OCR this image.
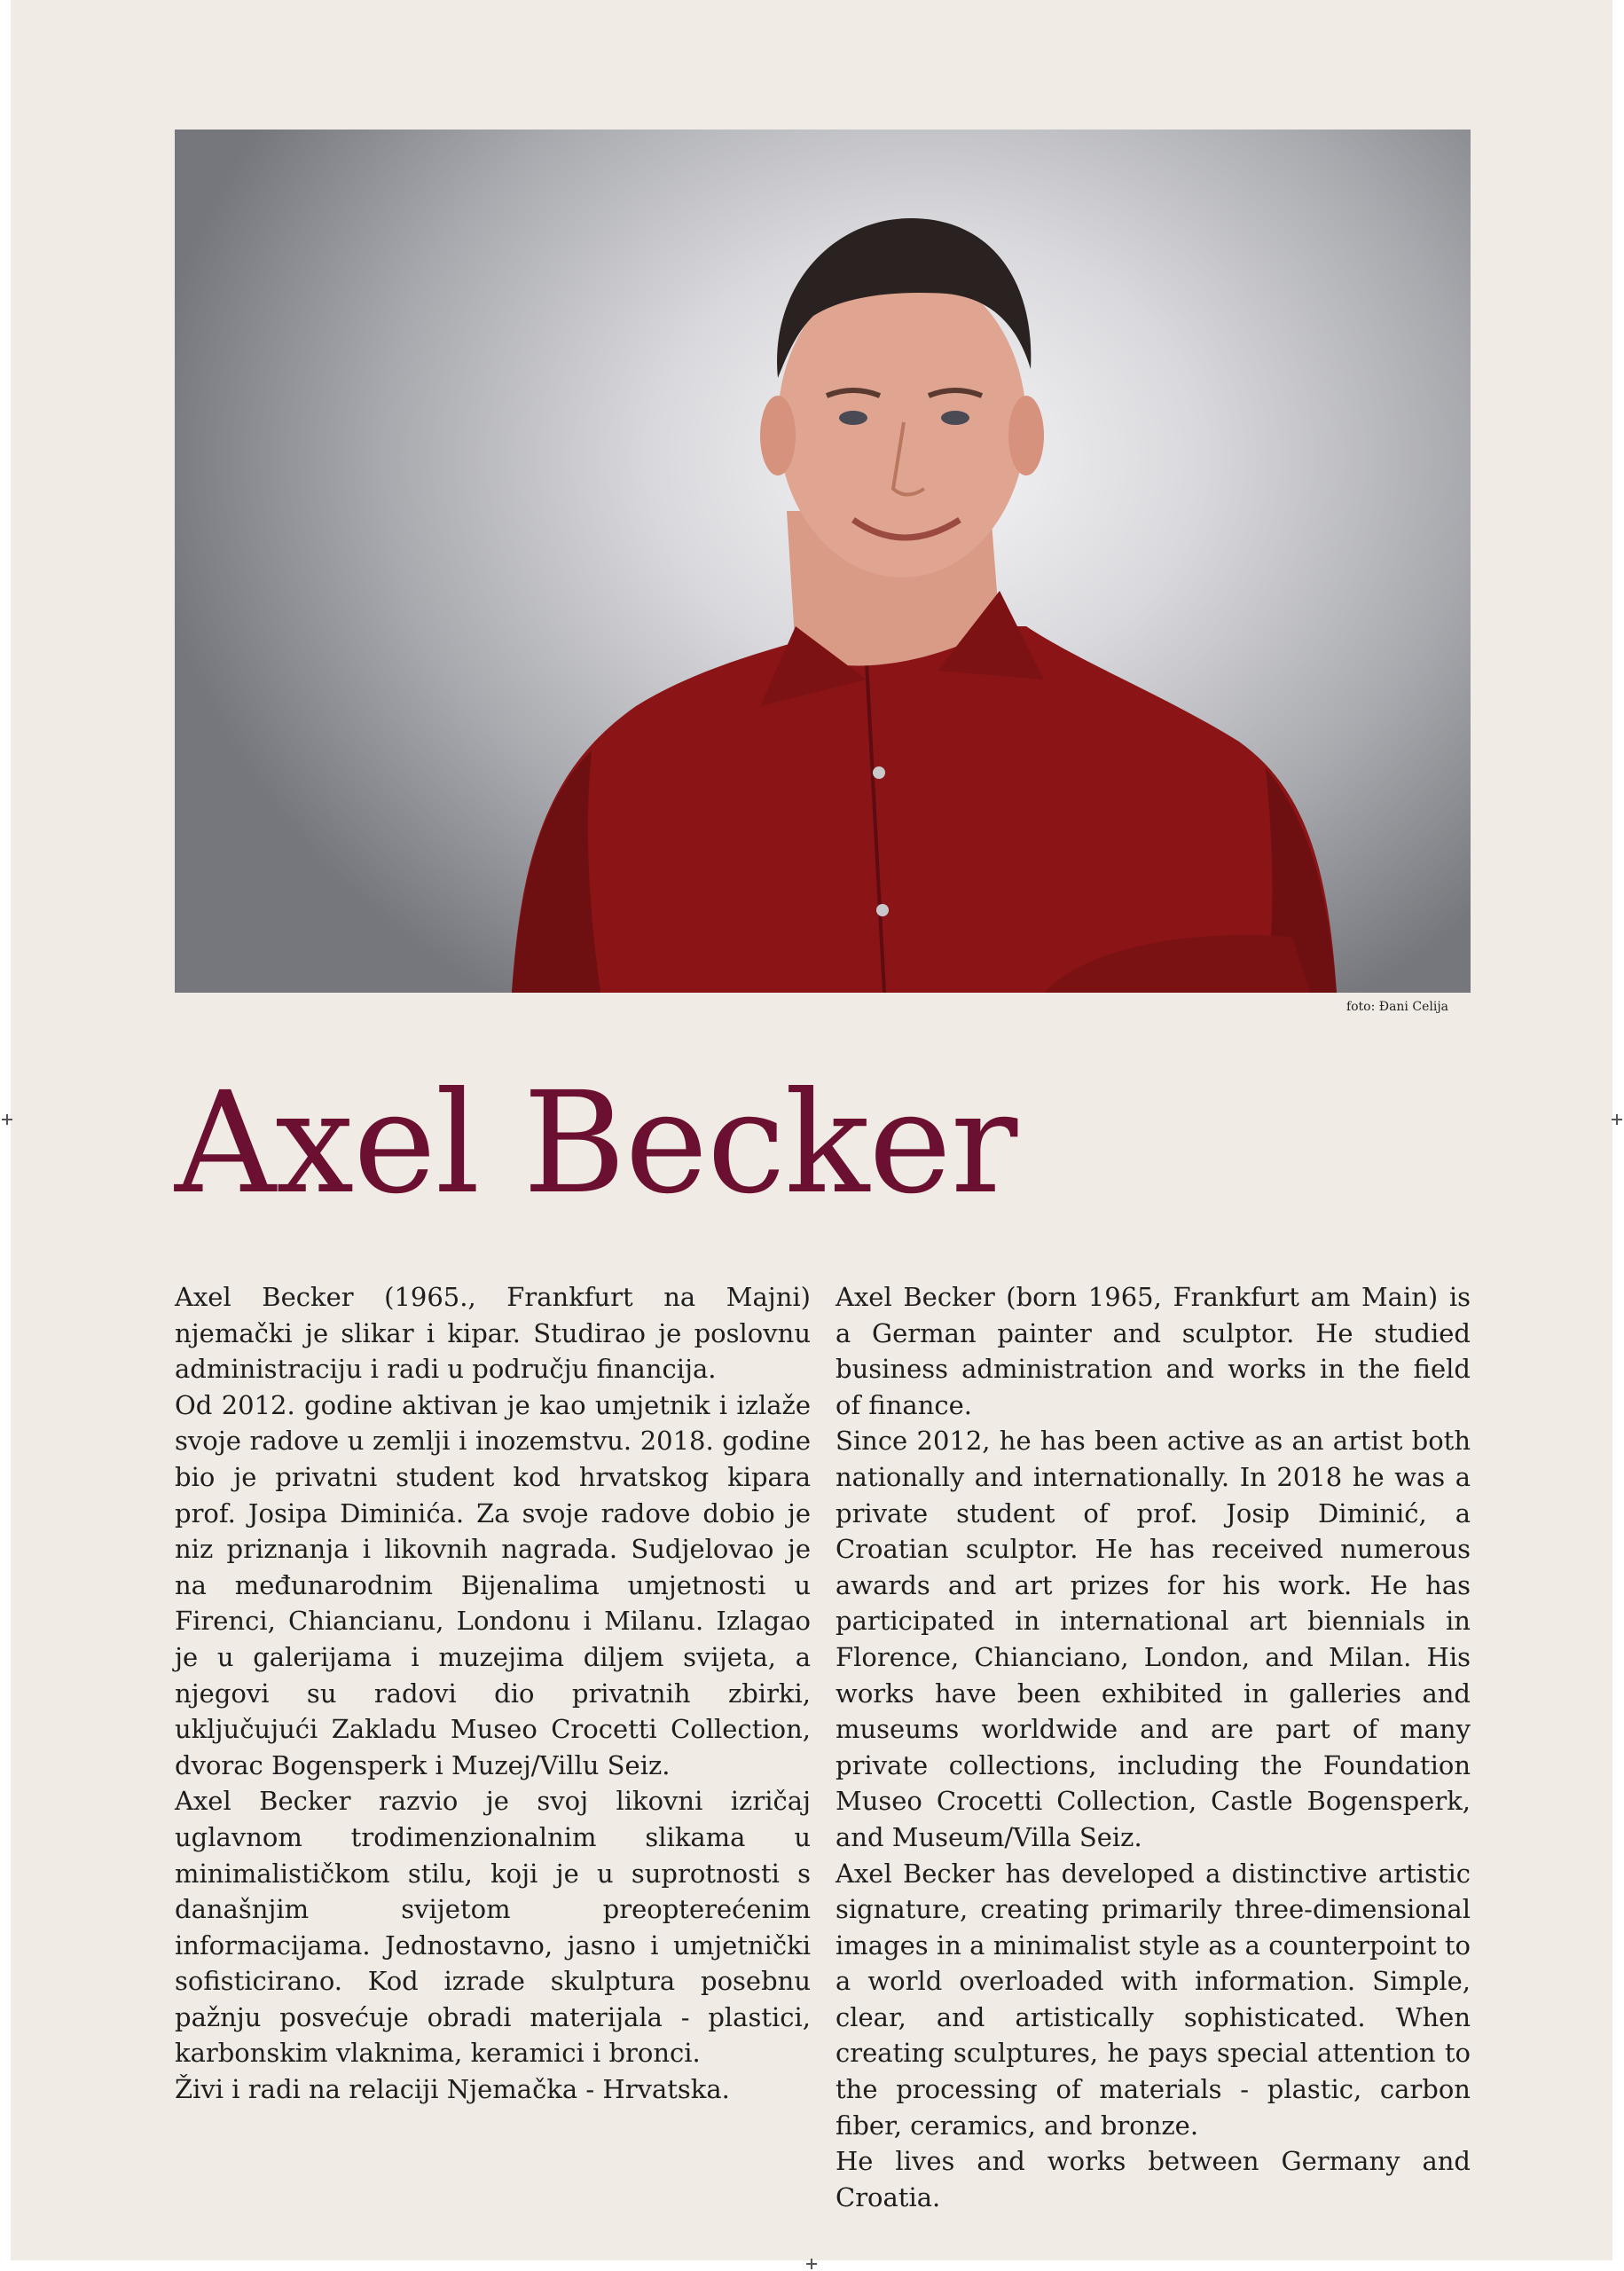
foto: Đani Celija
Axel Becker

Axel Becker (1965., Frankfurt na Majni) njemački je slikar i kipar. Studirao je poslovnu administraciju i radi u području financija.

Od 2012. godine aktivan je kao umjetnik i izlaže svoje radove u zemlji i inozemstvu. 2018. godine bio je privatni student kod hrvatskog kipara prof. Josipa Diminića. Za svoje radove dobio je niz priznanja i likovnih nagrada. Sudjelovao je na međunarodnim Bijenalima umjetnosti u Firenci, Chiancianu, Londonu i Milanu. Izlagao je u galerijama i muzejima diljem svijeta, a njegovi su radovi dio privatnih zbirki, uključujući Zakladu Museo Crocetti Collection, dvorac Bogensperk i Muzej/Villu Seiz.

Axel Becker razvio je svoj likovni izričaj uglavnom trodimenzionalnim slikama u minimalističkom stilu, koji je u suprotnosti s današnjim svijetom preopterećenim informacijama. Jednostavno, jasno i umjetnički sofisticirano. Kod izrade skulptura posebnu pažnju posvećuje obradi materijala - plastici, karbonskim vlaknima, keramici i bronci.

Živi i radi na relaciji Njemačka - Hrvatska.

Axel Becker (born 1965, Frankfurt am Main) is a German painter and sculptor. He studied business administration and works in the field of finance.

Since 2012, he has been active as an artist both nationally and internationally. In 2018 he was a private student of prof. Josip Diminić, a Croatian sculptor. He has received numerous awards and art prizes for his work. He has participated in international art biennials in Florence, Chianciano, London, and Milan. His works have been exhibited in galleries and museums worldwide and are part of many private collections, including the Foundation Museo Crocetti Collection, Castle Bogensperk, and Museum/Villa Seiz.

Axel Becker has developed a distinctive artistic signature, creating primarily three-dimensional images in a minimalist style as a counterpoint to a world overloaded with information. Simple, clear, and artistically sophisticated. When creating sculptures, he pays special attention to the processing of materials - plastic, carbon fiber, ceramics, and bronze.

He lives and works between Germany and Croatia.
